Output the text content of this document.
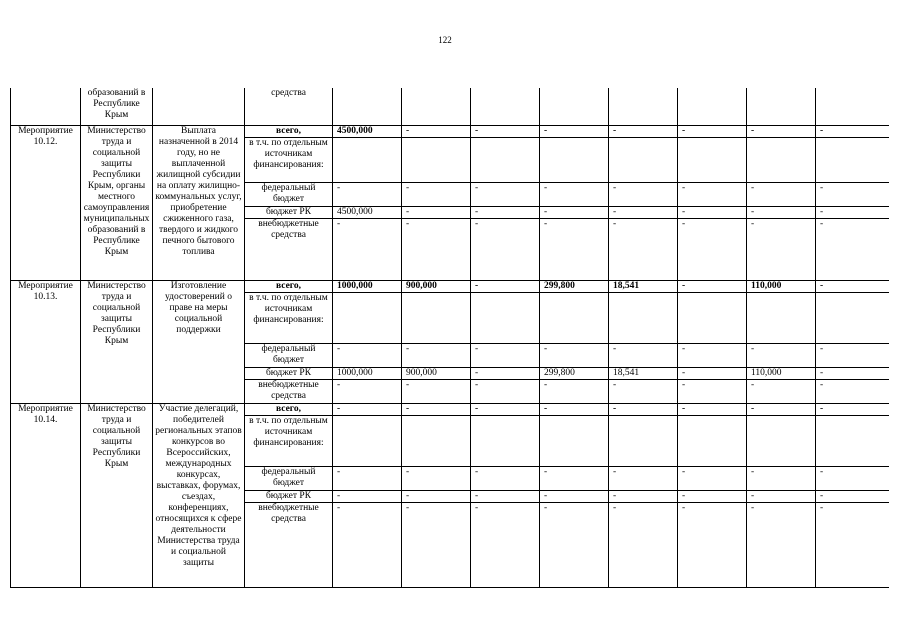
122
	образований в Республике Крым		средства								
Мероприятие 10.12.	Министерство труда и социальной защиты Республики Крым, органы местного самоуправления муниципальных образований в Республике Крым	Выплата назначенной в 2014 году, но не выплаченной жилищной субсидии на оплату жилищно-коммунальных услуг, приобретение сжиженного газа, твердого и жидкого печного бытового топлива	всего,	4500,000	-	-	-	-	-	-	-
			в т.ч. по отдельным источникам финансирования:								
			федеральный бюджет	-	-	-	-	-	-	-	-
			бюджет РК	4500,000	-	-	-	-	-	-	-
			внебюджетные средства	-	-	-	-	-	-	-	-
Мероприятие 10.13.	Министерство труда и социальной защиты Республики Крым	Изготовление удостоверений о праве на меры социальной поддержки	всего,	1000,000	900,000	-	299,800	18,541	-	110,000	-
			в т.ч. по отдельным источникам финансирования:								
			федеральный бюджет	-	-	-	-	-	-	-	-
			бюджет РК	1000,000	900,000	-	299,800	18,541	-	110,000	-
			внебюджетные средства	-	-	-	-	-	-	-	-
Мероприятие 10.14.	Министерство труда и социальной защиты Республики Крым	Участие делегаций, победителей региональных этапов конкурсов во Всероссийских, международных конкурсах, выставках, форумах, съездах, конференциях, относящихся к сфере деятельности Министерства труда и социальной защиты	всего,	-	-	-	-	-	-	-	-
			в т.ч. по отдельным источникам финансирования:								
			федеральный бюджет	-	-	-	-	-	-	-	-
			бюджет РК	-	-	-	-	-	-	-	-
			внебюджетные средства	-	-	-	-	-	-	-	-
